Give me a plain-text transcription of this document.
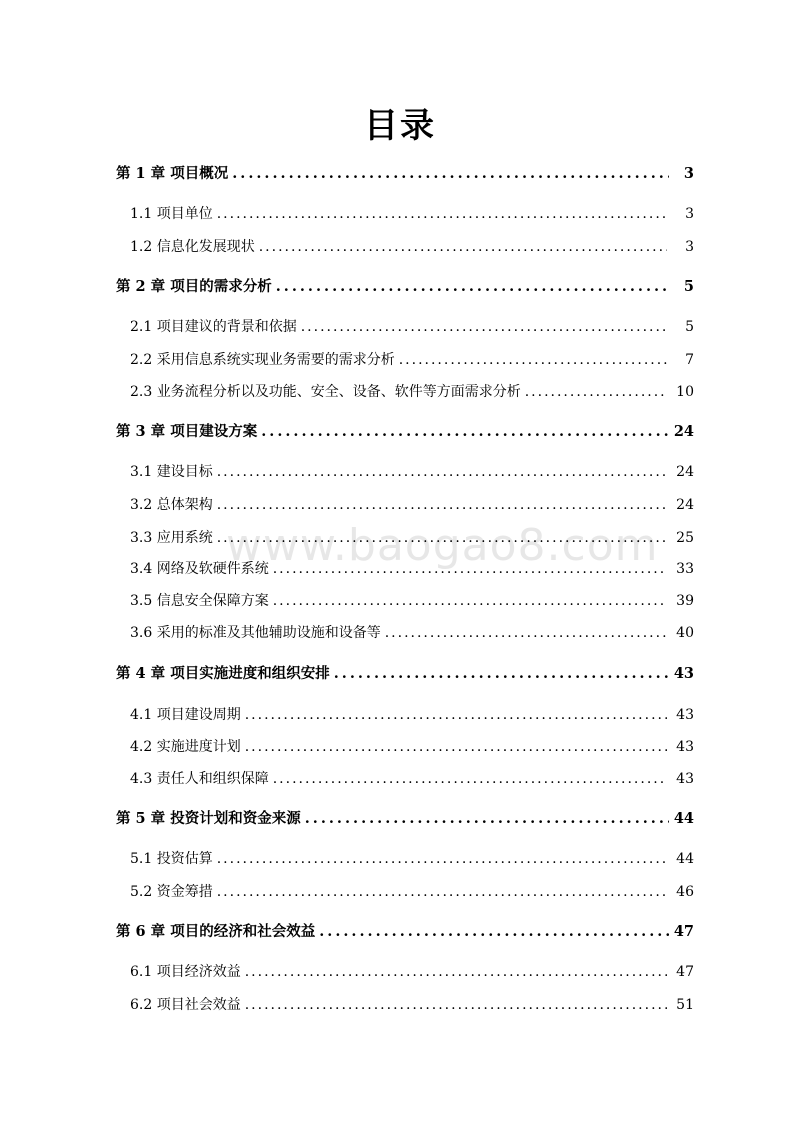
www.baogao8.com
目录
第 1 章 项目概况 .....	3
1.1 项目单位 .....	3
1.2 信息化发展现状 .....	3
第 2 章 项目的需求分析 .....	5
2.1 项目建议的背景和依据 .....	5
2.2 采用信息系统实现业务需要的需求分析 .....	7
2.3 业务流程分析以及功能、安全、设备、软件等方面需求分析 .....	10
第 3 章 项目建设方案 .....	24
3.1 建设目标 .....	24
3.2 总体架构 .....	24
3.3 应用系统 .....	25
3.4 网络及软硬件系统 .....	33
3.5 信息安全保障方案 .....	39
3.6 采用的标准及其他辅助设施和设备等 .....	40
第 4 章 项目实施进度和组织安排 .....	43
4.1 项目建设周期 .....	43
4.2 实施进度计划 .....	43
4.3 责任人和组织保障 .....	43
第 5 章 投资计划和资金来源 .....	44
5.1 投资估算 .....	44
5.2 资金筹措 .....	46
第 6 章 项目的经济和社会效益 .....	47
6.1 项目经济效益 .....	47
6.2 项目社会效益 .....	51
